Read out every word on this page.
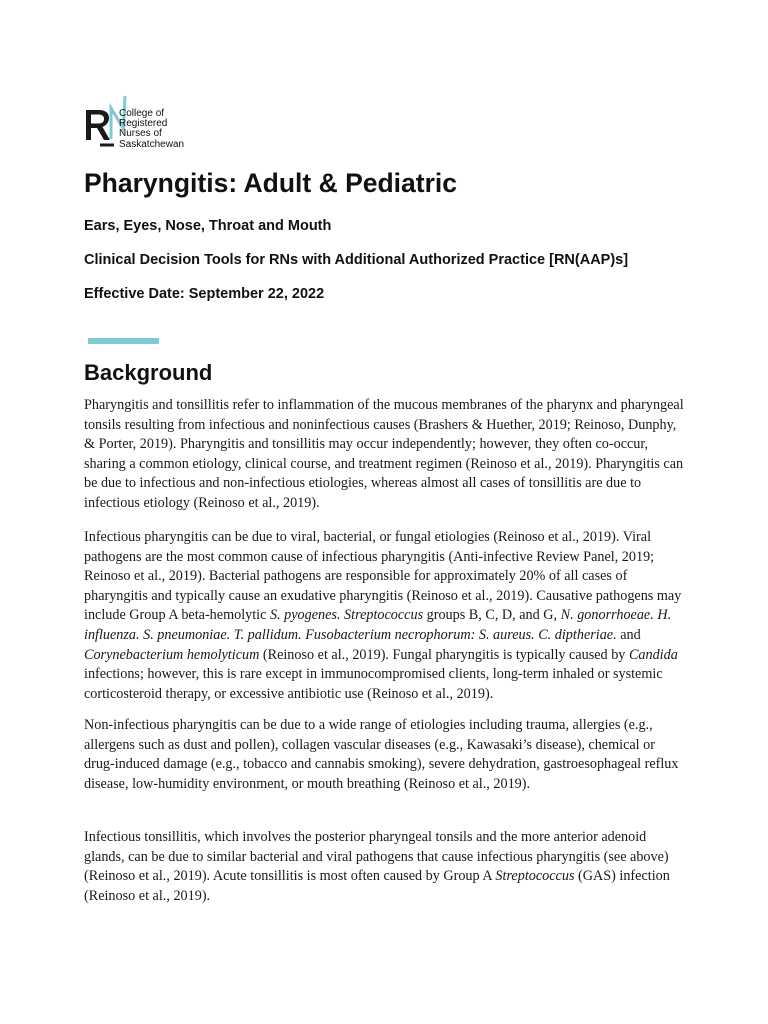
College of
Registered
Nurses of
Saskatchewan
Pharyngitis: Adult & Pediatric

Ears, Eyes, Nose, Throat and Mouth

Clinical Decision Tools for RNs with Additional Authorized Practice [RN(AAP)s]

Effective Date: September 22, 2022

Background

Pharyngitis and tonsillitis refer to inflammation of the mucous membranes of the pharynx and pharyngeal tonsils resulting from infectious and noninfectious causes (Brashers & Huether, 2019; Reinoso, Dunphy, & Porter, 2019). Pharyngitis and tonsillitis may occur independently; however, they often co-occur, sharing a common etiology, clinical course, and treatment regimen (Reinoso et al., 2019). Pharyngitis can be due to infectious and non-infectious etiologies, whereas almost all cases of tonsillitis are due to infectious etiology (Reinoso et al., 2019).

Infectious pharyngitis can be due to viral, bacterial, or fungal etiologies (Reinoso et al., 2019). Viral pathogens are the most common cause of infectious pharyngitis (Anti-infective Review Panel, 2019; Reinoso et al., 2019). Bacterial pathogens are responsible for approximately 20% of all cases of pharyngitis and typically cause an exudative pharyngitis (Reinoso et al., 2019). Causative pathogens may include Group A beta-hemolytic S. pyogenes. Streptococcus groups B, C, D, and G, N. gonorrhoeae. H. influenza. S. pneumoniae. T. pallidum. Fusobacterium necrophorum: S. aureus. C. diptheriae. and Corynebacterium hemolyticum (Reinoso et al., 2019). Fungal pharyngitis is typically caused by Candida infections; however, this is rare except in immunocompromised clients, long-term inhaled or systemic corticosteroid therapy, or excessive antibiotic use (Reinoso et al., 2019).

Non-infectious pharyngitis can be due to a wide range of etiologies including trauma, allergies (e.g., allergens such as dust and pollen), collagen vascular diseases (e.g., Kawasaki’s disease), chemical or drug-induced damage (e.g., tobacco and cannabis smoking), severe dehydration, gastroesophageal reflux disease, low-humidity environment, or mouth breathing (Reinoso et al., 2019).

Infectious tonsillitis, which involves the posterior pharyngeal tonsils and the more anterior adenoid glands, can be due to similar bacterial and viral pathogens that cause infectious pharyngitis (see above) (Reinoso et al., 2019). Acute tonsillitis is most often caused by Group A Streptococcus (GAS) infection (Reinoso et al., 2019).
